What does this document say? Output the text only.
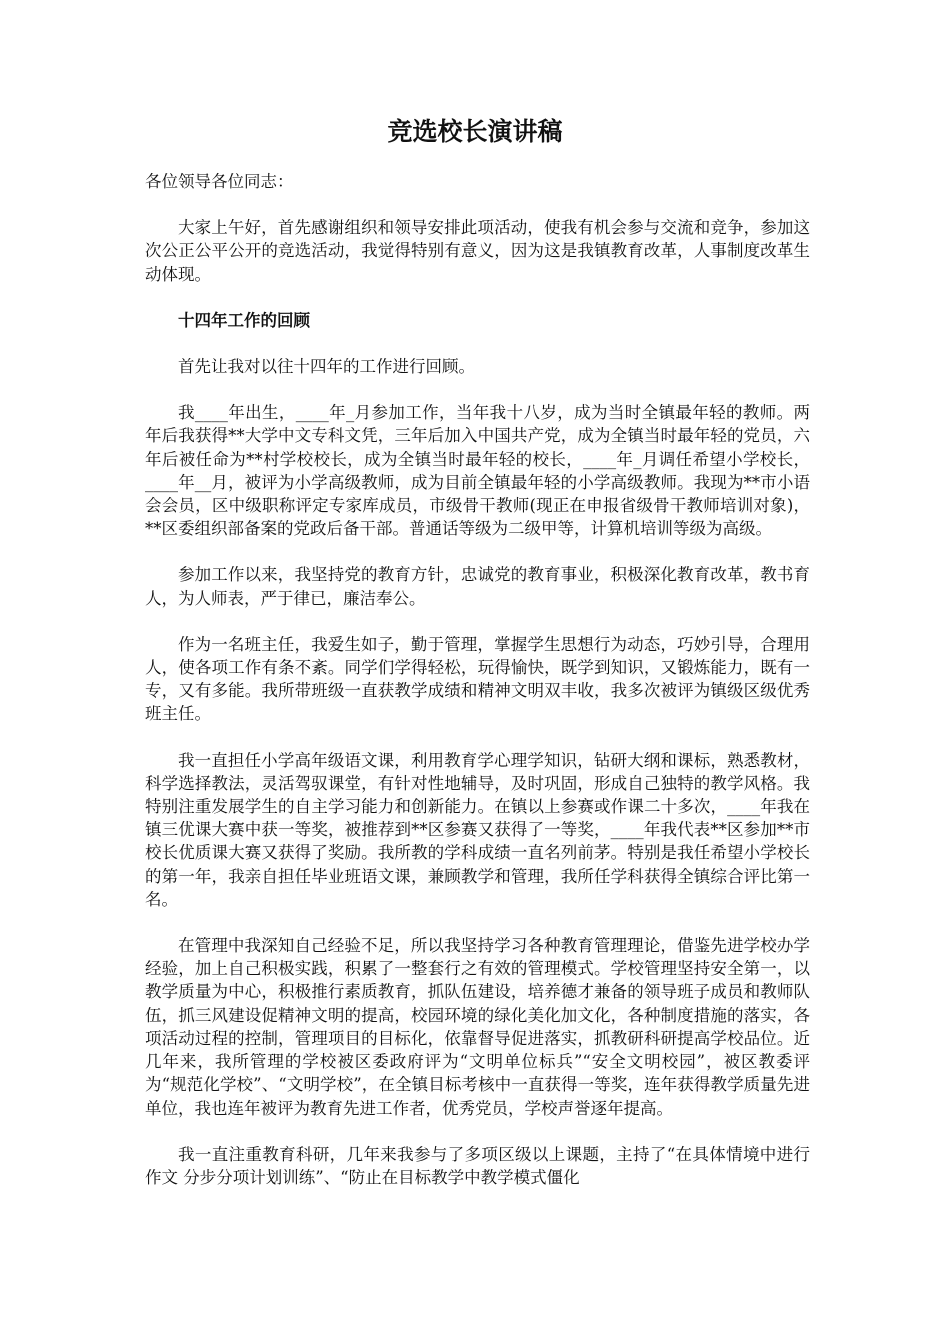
竞选校长演讲稿

各位领导各位同志：

大家上午好，首先感谢组织和领导安排此项活动，使我有机会参与交流和竞争，参加这次公正公平公开的竞选活动，我觉得特别有意义，因为这是我镇教育改革，人事制度改革生动体现。

十四年工作的回顾

首先让我对以往十四年的工作进行回顾。

我____年出生，____年_月参加工作，当年我十八岁，成为当时全镇最年轻的教师。两年后我获得**大学中文专科文凭，三年后加入中国共产党，成为全镇当时最年轻的党员，六年后被任命为**村学校校长，成为全镇当时最年轻的校长，____年_月调任希望小学校长，____年__月，被评为小学高级教师，成为目前全镇最年轻的小学高级教师。我现为**市小语会会员，区中级职称评定专家库成员，市级骨干教师(现正在申报省级骨干教师培训对象)，**区委组织部备案的党政后备干部。普通话等级为二级甲等，计算机培训等级为高级。

参加工作以来，我坚持党的教育方针，忠诚党的教育事业，积极深化教育改革，教书育人，为人师表，严于律已，廉洁奉公。

作为一名班主任，我爱生如子，勤于管理，掌握学生思想行为动态，巧妙引导，合理用人，使各项工作有条不紊。同学们学得轻松，玩得愉快，既学到知识，又锻炼能力，既有一专，又有多能。我所带班级一直获教学成绩和精神文明双丰收，我多次被评为镇级区级优秀班主任。

我一直担任小学高年级语文课，利用教育学心理学知识，钻研大纲和课标，熟悉教材，科学选择教法，灵活驾驭课堂，有针对性地辅导，及时巩固，形成自己独特的教学风格。我特别注重发展学生的自主学习能力和创新能力。在镇以上参赛或作课二十多次，____年我在镇三优课大赛中获一等奖，被推荐到**区参赛又获得了一等奖，____年我代表**区参加**市校长优质课大赛又获得了奖励。我所教的学科成绩一直名列前茅。特别是我任希望小学校长的第一年，我亲自担任毕业班语文课，兼顾教学和管理，我所任学科获得全镇综合评比第一名。

在管理中我深知自己经验不足，所以我坚持学习各种教育管理理论，借鉴先进学校办学经验，加上自己积极实践，积累了一整套行之有效的管理模式。学校管理坚持安全第一，以教学质量为中心，积极推行素质教育，抓队伍建设，培养德才兼备的领导班子成员和教师队伍，抓三风建设促精神文明的提高，校园环境的绿化美化加文化，各种制度措施的落实，各项活动过程的控制，管理项目的目标化，依靠督导促进落实，抓教研科研提高学校品位。近几年来，我所管理的学校被区委政府评为“文明单位标兵”“安全文明校园”，被区教委评为“规范化学校”、“文明学校”，在全镇目标考核中一直获得一等奖，连年获得教学质量先进单位，我也连年被评为教育先进工作者，优秀党员，学校声誉逐年提高。

我一直注重教育科研，几年来我参与了多项区级以上课题，主持了“在具体情境中进行 作文 分步分项计划训练”、“防止在目标教学中教学模式僵化
